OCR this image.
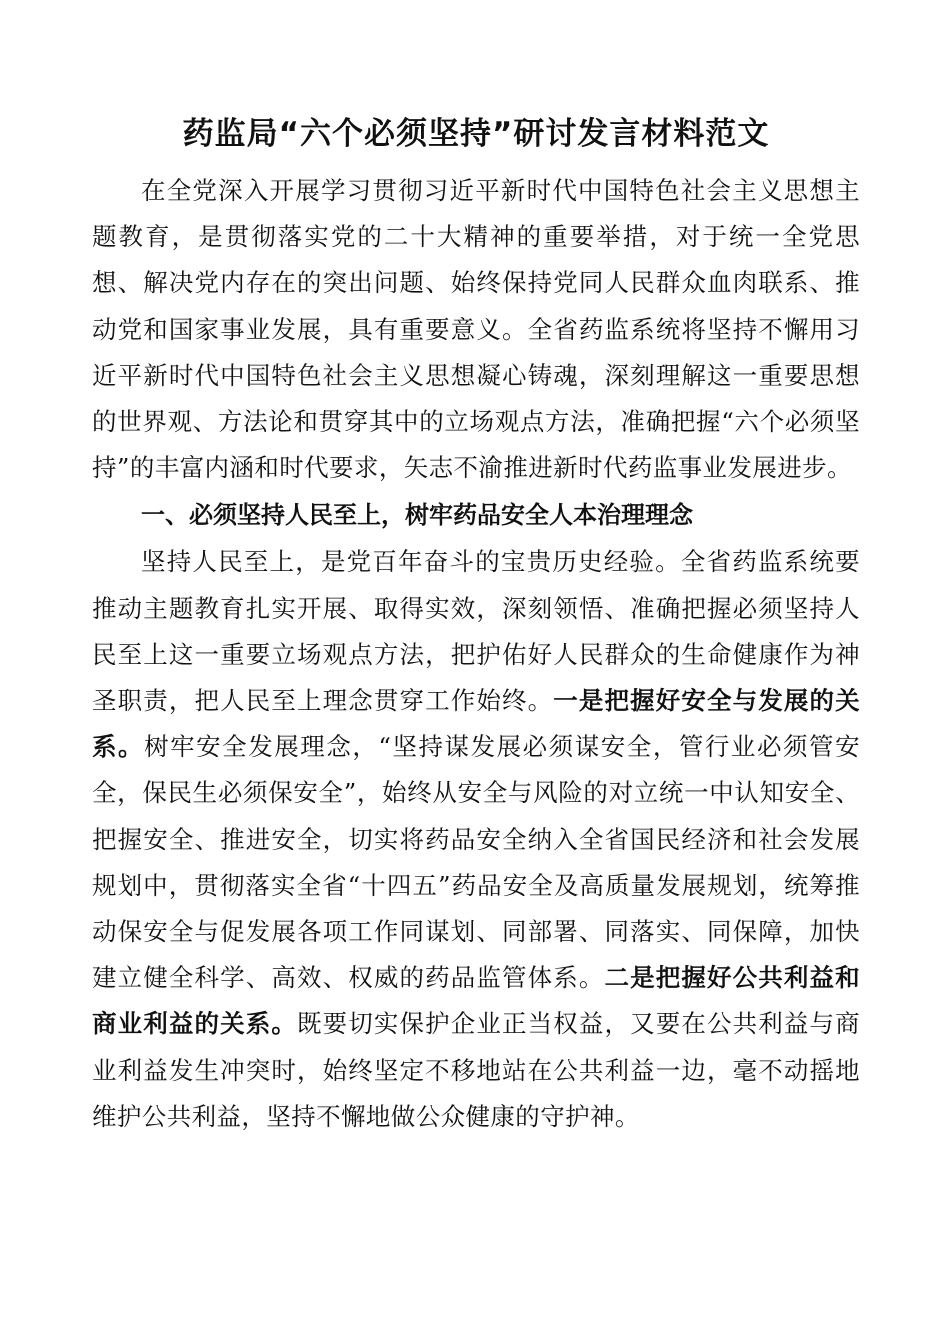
药监局“六个必须坚持”研讨发言材料范文

在全党深入开展学习贯彻习近平新时代中国特色社会主义思想主题教育，是贯彻落实党的二十大精神的重要举措，对于统一全党思想、解决党内存在的突出问题、始终保持党同人民群众血肉联系、推动党和国家事业发展，具有重要意义。全省药监系统将坚持不懈用习近平新时代中国特色社会主义思想凝心铸魂，深刻理解这一重要思想的世界观、方法论和贯穿其中的立场观点方法，准确把握“六个必须坚持”的丰富内涵和时代要求，矢志不渝推进新时代药监事业发展进步。

一、必须坚持人民至上，树牢药品安全人本治理理念

坚持人民至上，是党百年奋斗的宝贵历史经验。全省药监系统要推动主题教育扎实开展、取得实效，深刻领悟、准确把握必须坚持人民至上这一重要立场观点方法，把护佑好人民群众的生命健康作为神圣职责，把人民至上理念贯穿工作始终。一是把握好安全与发展的关系。树牢安全发展理念，“坚持谋发展必须谋安全，管行业必须管安全，保民生必须保安全”，始终从安全与风险的对立统一中认知安全、把握安全、推进安全，切实将药品安全纳入全省国民经济和社会发展规划中，贯彻落实全省“十四五”药品安全及高质量发展规划，统筹推动保安全与促发展各项工作同谋划、同部署、同落实、同保障，加快建立健全科学、高效、权威的药品监管体系。二是把握好公共利益和商业利益的关系。既要切实保护企业正当权益，又要在公共利益与商业利益发生冲突时，始终坚定不移地站在公共利益一边，毫不动摇地维护公共利益，坚持不懈地做公众健康的守护神。
